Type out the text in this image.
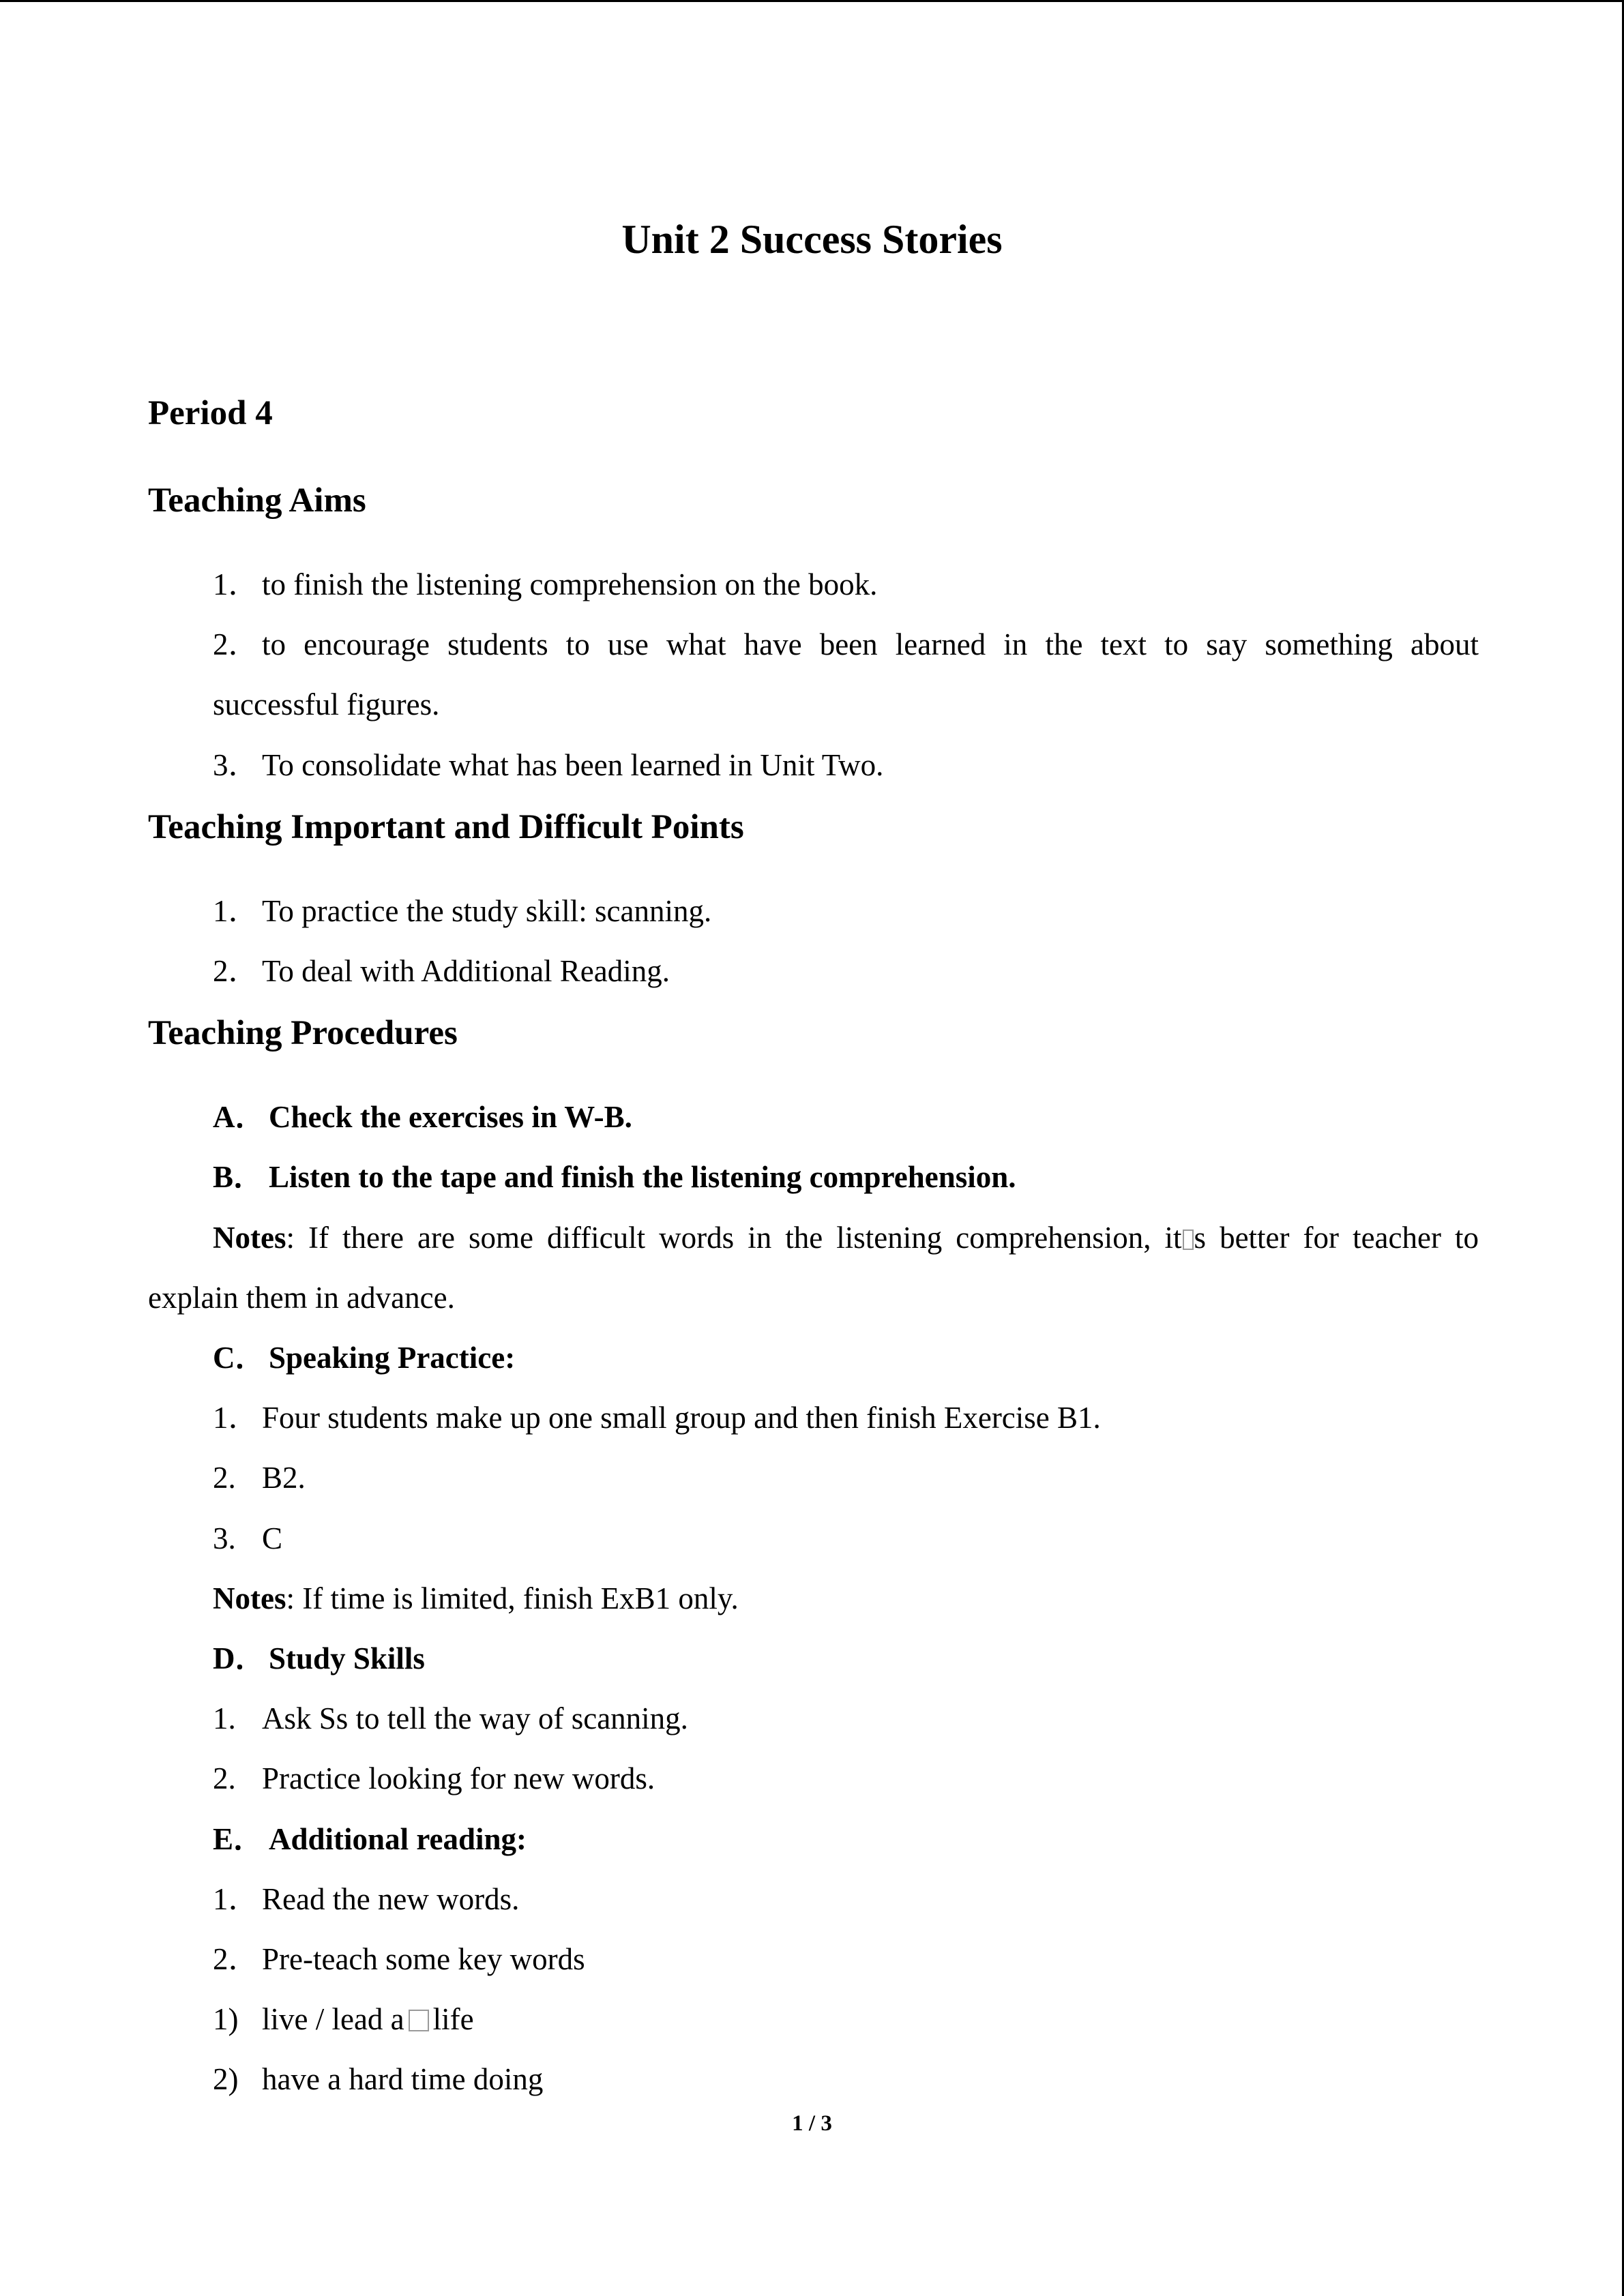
Unit 2 Success Stories
Period 4
Teaching Aims
1． to finish the listening comprehension on the book.
2． to encourage students to use what have been learned in the text to say something about
successful figures.
3． To consolidate what has been learned in Unit Two.
Teaching Important and Difficult Points
1． To practice the study skill: scanning.
2． To deal with Additional Reading.
Teaching Procedures
A． Check the exercises in W-B.
B． Listen to the tape and finish the listening comprehension.
Notes: If there are some difficult words in the listening comprehension, it s better for teacher to
explain them in advance.
C． Speaking Practice:
1． Four students make up one small group and then finish Exercise B1.
2. B2.
3. C
Notes: If time is limited, finish ExB1 only.
D． Study Skills
1. Ask Ss to tell the way of scanning.
2. Practice looking for new words.
E． Additional reading:
1． Read the new words.
2． Pre-teach some key words
1) live / lead a life
2) have a hard time doing
1 / 3
